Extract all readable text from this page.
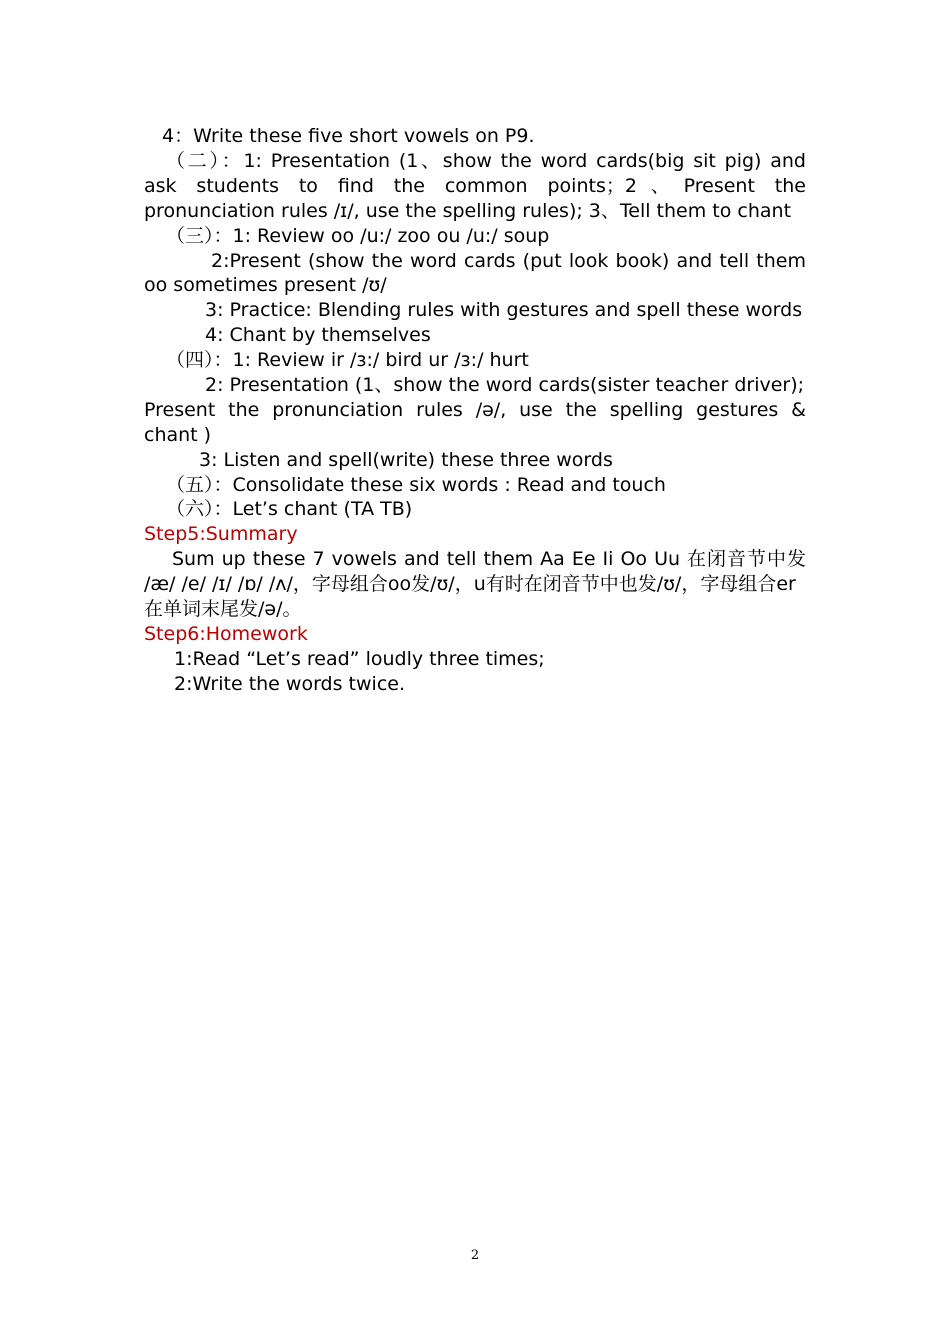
4：Write these five short vowels on P9.
（二）：1: Presentation (1、show the word cards(big sit pig) and ask students to find the common points；2、Present the pronunciation rules /ɪ/, use the spelling rules); 3、Tell them to chant
（三）：1: Review oo /u:/ zoo ou /u:/ soup
2:Present (show the word cards (put look book) and tell them
oo sometimes present /ʊ/
3: Practice: Blending rules with gestures and spell these words
4: Chant by themselves
（四）：1: Review ir /ɜ:/ bird ur /ɜ:/ hurt
2: Presentation (1、show the word cards(sister teacher driver);
Present the pronunciation rules /ə/, use the spelling gestures &
chant )
3: Listen and spell(write) these three words
（五）：Consolidate these six words : Read and touch
（六）：Let’s chant (TA TB)
Step5:Summary
Sum up these 7 vowels and tell them Aa Ee Ii Oo Uu 在闭音节中发
/æ/ /e/ /ɪ/ /ɒ/ /ʌ/，字母组合oo发/ʊ/，u有时在闭音节中也发/ʊ/，字母组合er
在单词末尾发/ə/。
Step6:Homework
1:Read “Let’s read” loudly three times;
2:Write the words twice.
2
